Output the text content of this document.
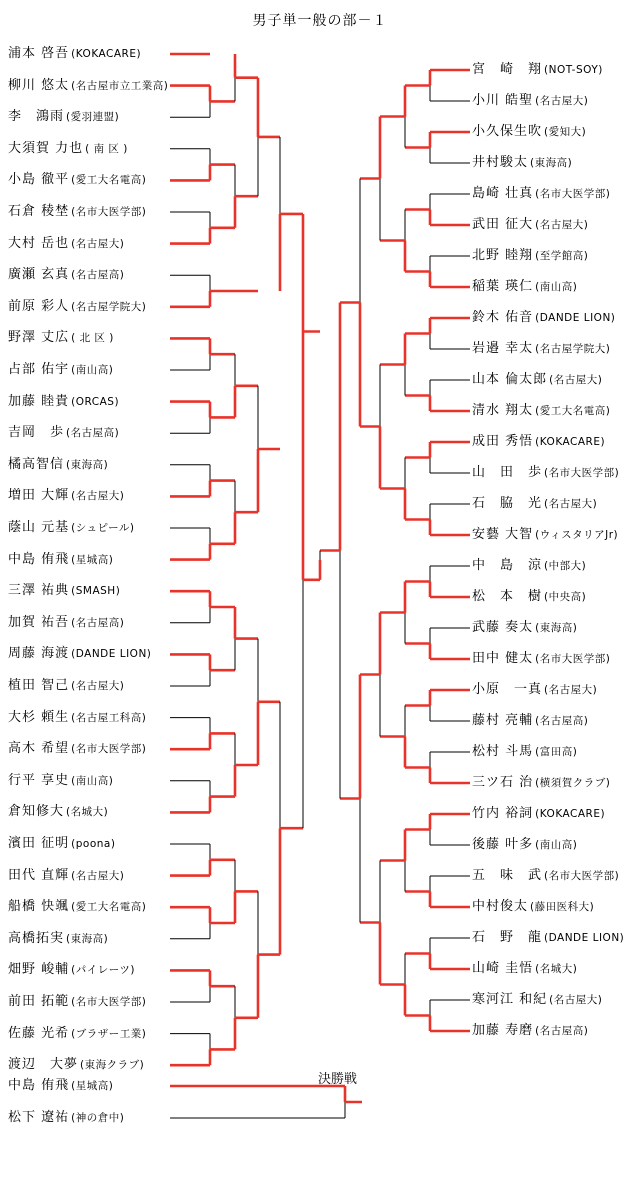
男子単一般の部－１
浦本 啓吾 (KOKACARE)
柳川 悠太 (名古屋市立工業高)
李　鴻雨 (愛羽連盟)
大須賀 力也 ( 南 区 )
小島 徹平 (愛工大名電高)
石倉 稜埜 (名市大医学部)
大村 岳也 (名古屋大)
廣瀬 玄真 (名古屋高)
前原 彩人 (名古屋学院大)
野澤 丈広 ( 北 区 )
占部 佑宇 (南山高)
加藤 睦貴 (ORCAS)
吉岡　歩 (名古屋高)
橘高智信 (東海高)
増田 大輝 (名古屋大)
蔭山 元基 (シュピール)
中島 侑飛 (星城高)
三澤 祐典 (SMASH)
加賀 祐吾 (名古屋高)
周藤 海渡 (DANDE LION)
植田 智己 (名古屋大)
大杉 頼生 (名古屋工科高)
高木 希望 (名市大医学部)
行平 享史 (南山高)
倉知修大 (名城大)
濱田 征明 (poona)
田代 直輝 (名古屋大)
船橋 快颯 (愛工大名電高)
高橋拓実 (東海高)
畑野 峻輔 (パイレーツ)
前田 拓範 (名市大医学部)
佐藤 光希 (ブラザー工業)
渡辺　大夢 (東海クラブ)
宮　崎　翔 (NOT-SOY)
小川 皓聖 (名古屋大)
小久保生吹 (愛知大)
井村駿太 (東海高)
島崎 壮真 (名市大医学部)
武田 征大 (名古屋大)
北野 睦翔 (至学館高)
稲葉 瑛仁 (南山高)
鈴木 佑音 (DANDE LION)
岩邉 幸太 (名古屋学院大)
山本 倫太郎 (名古屋大)
清水 翔太 (愛工大名電高)
成田 秀悟 (KOKACARE)
山　田　歩 (名市大医学部)
石　脇　光 (名古屋大)
安藝 大智 (ウィスタリアJr)
中　島　涼 (中部大)
松　本　樹 (中央高)
武藤 奏太 (東海高)
田中 健太 (名市大医学部)
小原　一真 (名古屋大)
藤村 亮輔 (名古屋高)
松村 斗馬 (富田高)
三ツ石 治 (横須賀クラブ)
竹内 裕詞 (KOKACARE)
後藤 叶多 (南山高)
五　味　武 (名市大医学部)
中村俊太 (藤田医科大)
石　野　龍 (DANDE LION)
山崎 圭悟 (名城大)
寒河江 和紀 (名古屋大)
加藤 寿磨 (名古屋高)
中島 侑飛 (星城高)
松下 遼祐 (神の倉中)
決勝戦
